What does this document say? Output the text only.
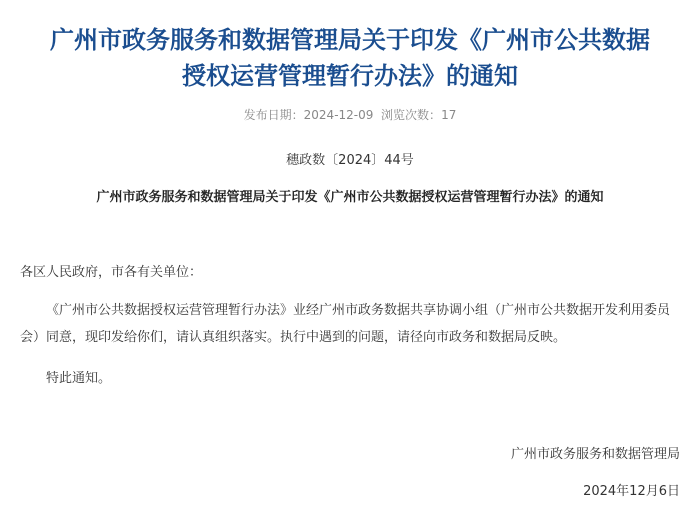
广州市政务服务和数据管理局关于印发《广州市公共数据
授权运营管理暂行办法》的通知
发布日期：2024-12-09 浏览次数：17
穗政数〔2024〕44号
广州市政务服务和数据管理局关于印发《广州市公共数据授权运营管理暂行办法》的通知
各区人民政府，市各有关单位：
《广州市公共数据授权运营管理暂行办法》业经广州市政务数据共享协调小组（广州市公共数据开发利用委员会）同意，现印发给你们，请认真组织落实。执行中遇到的问题，请径向市政务和数据局反映。
特此通知。
广州市政务服务和数据管理局
2024年12月6日
